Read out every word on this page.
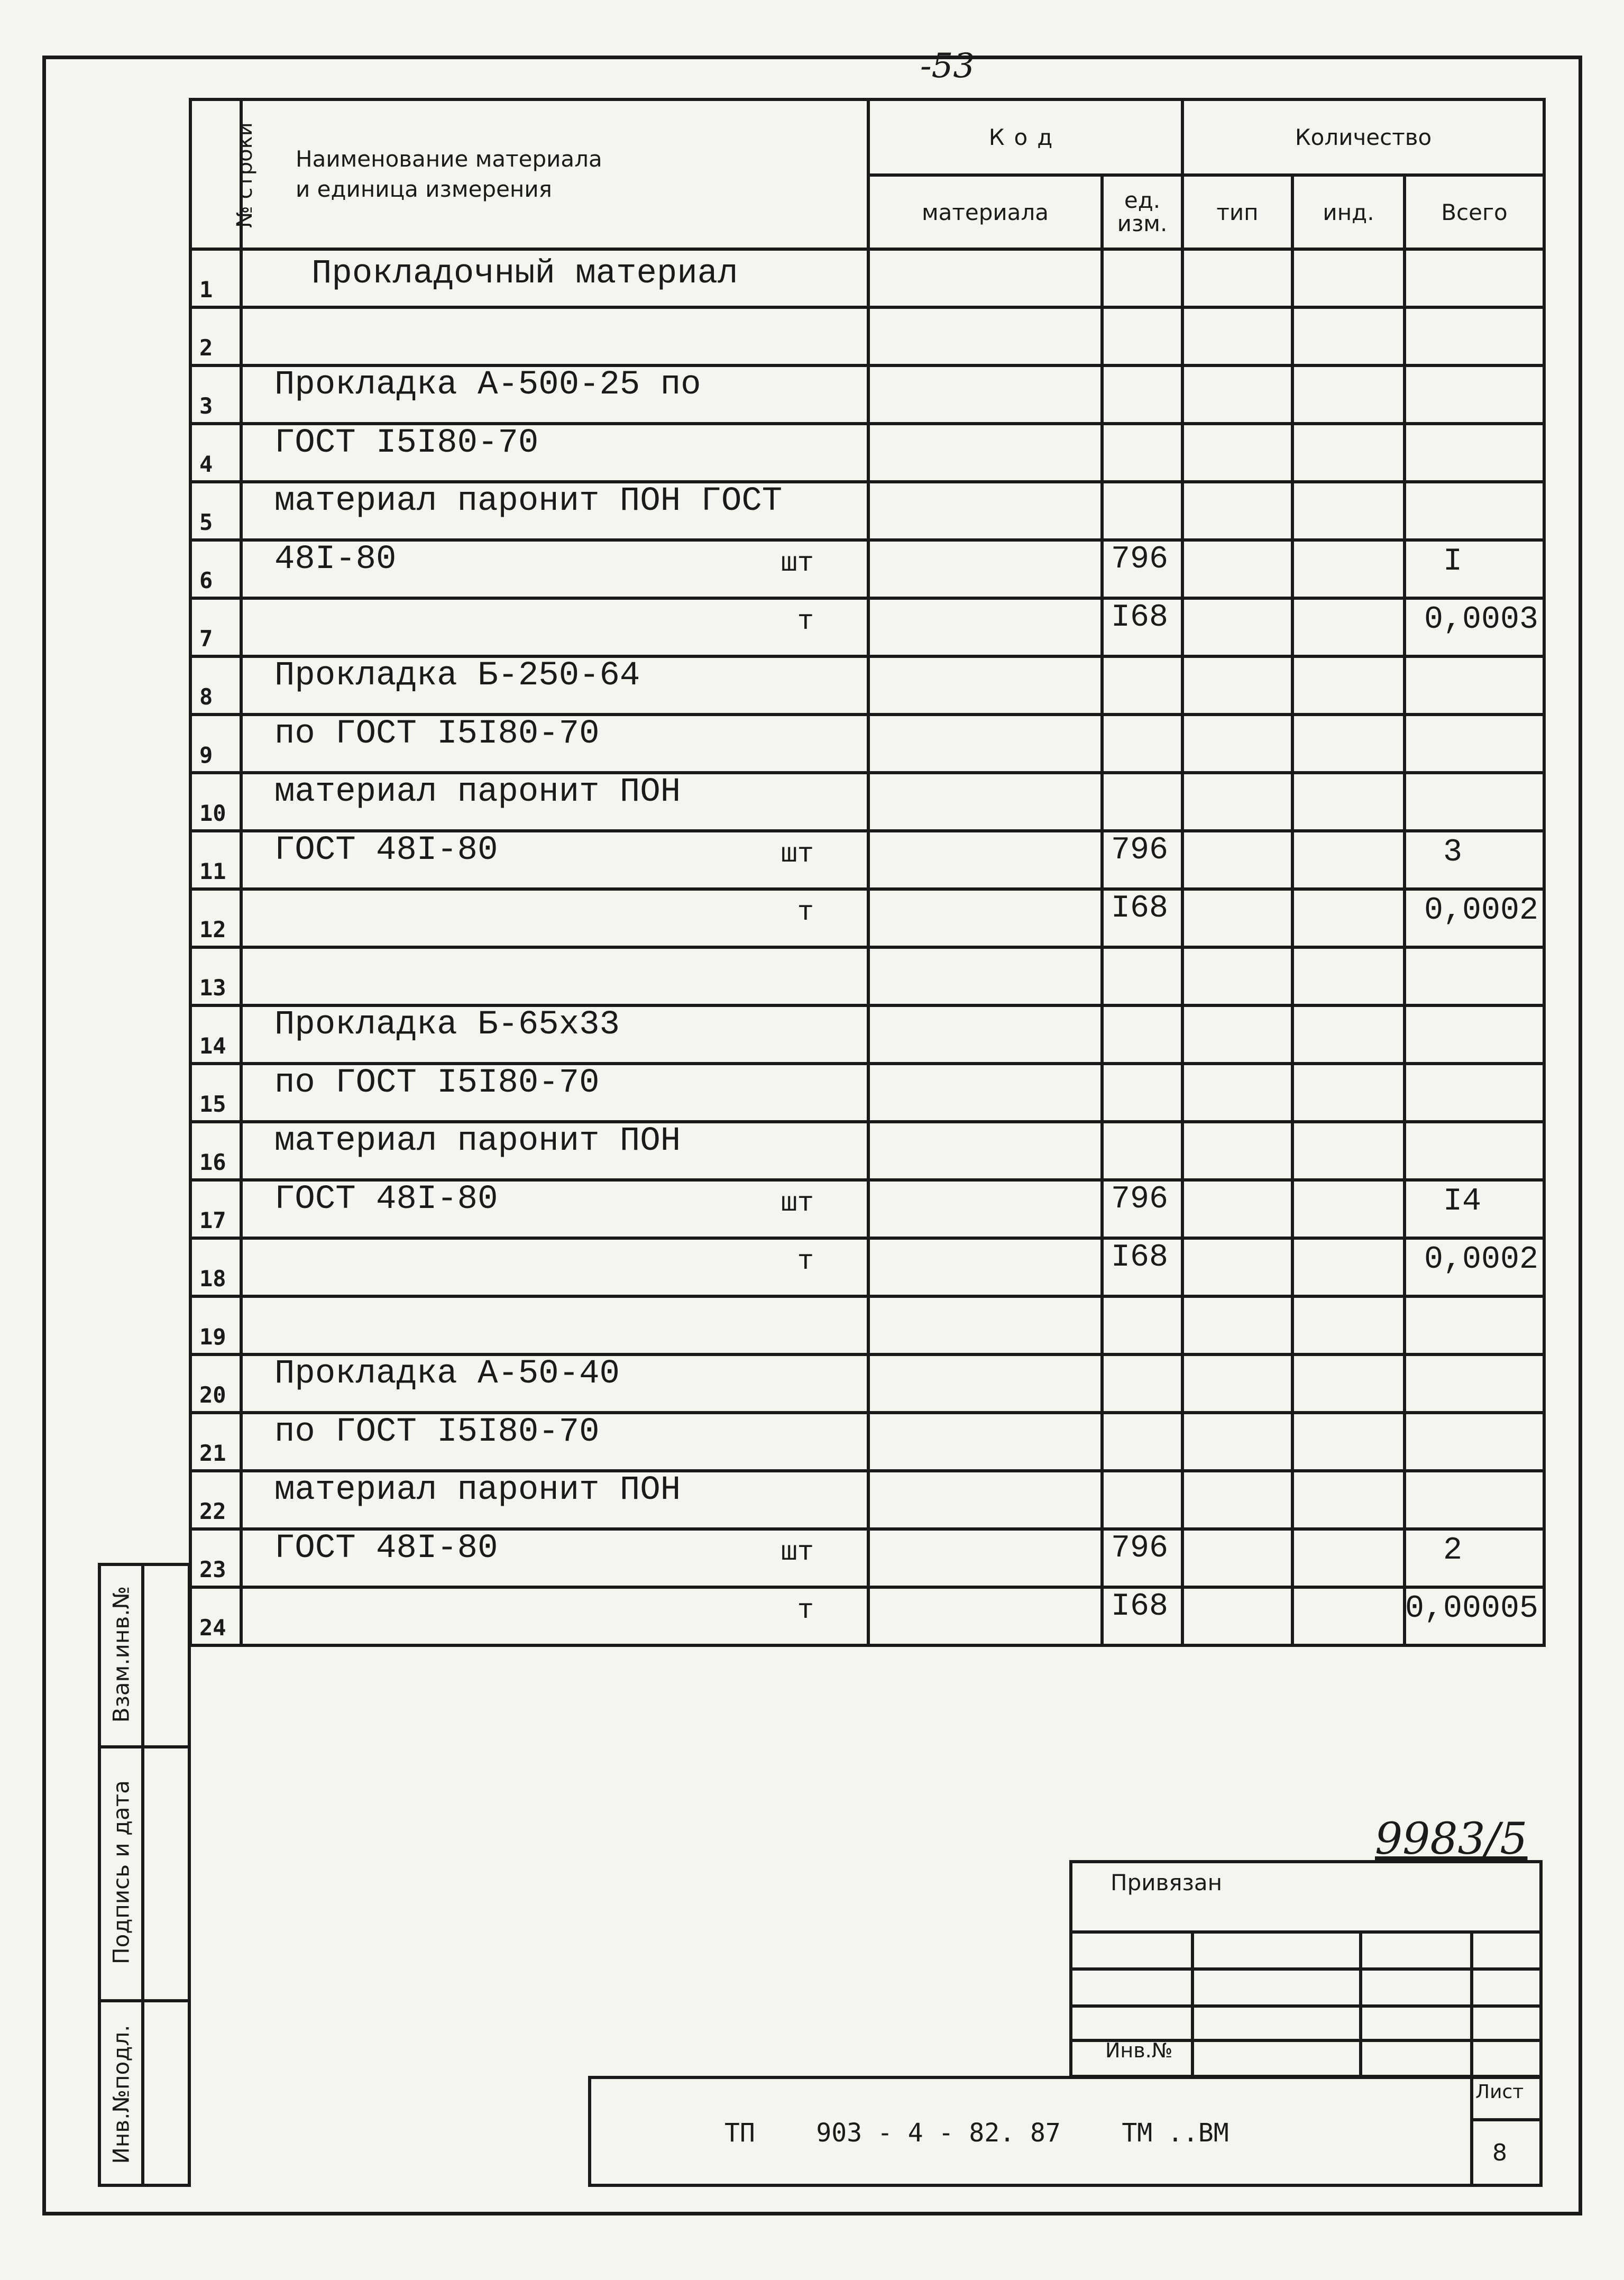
-53
№ строки	Наименование материала
и единица измерения	Код		Количество		
		материала	ед.
изм.	тип	инд.	Всего
1	Прокладочный материал					

2	

3	Прокладка А-500-25 по					

4	ГОСТ I5I80-70					

5	материал паронит ПОН ГОСТ					

6	48I-80 шт		796			I

7	т		I68			0,0003

8	Прокладка Б-250-64					

9	по ГОСТ I5I80-70					

10	материал паронит ПОН					

11	ГОСТ 48I-80 шт		796			3

12	т		I68			0,0002

13	

14	Прокладка Б-65х33					

15	по ГОСТ I5I80-70					

16	материал паронит ПОН					

17	ГОСТ 48I-80 шт		796			I4

18	т		I68			0,0002

19	

20	Прокладка А-50-40					

21	по ГОСТ I5I80-70					

22	материал паронит ПОН					

23	ГОСТ 48I-80 шт		796			2

24	т		I68			0,00005
Взам.инв.№
Подпись и дата
Инв.№подл.
9983/5
Привязан
Инв.№
ТП    903 - 4 - 82. 87    ТМ ..ВМ
Лист
8
